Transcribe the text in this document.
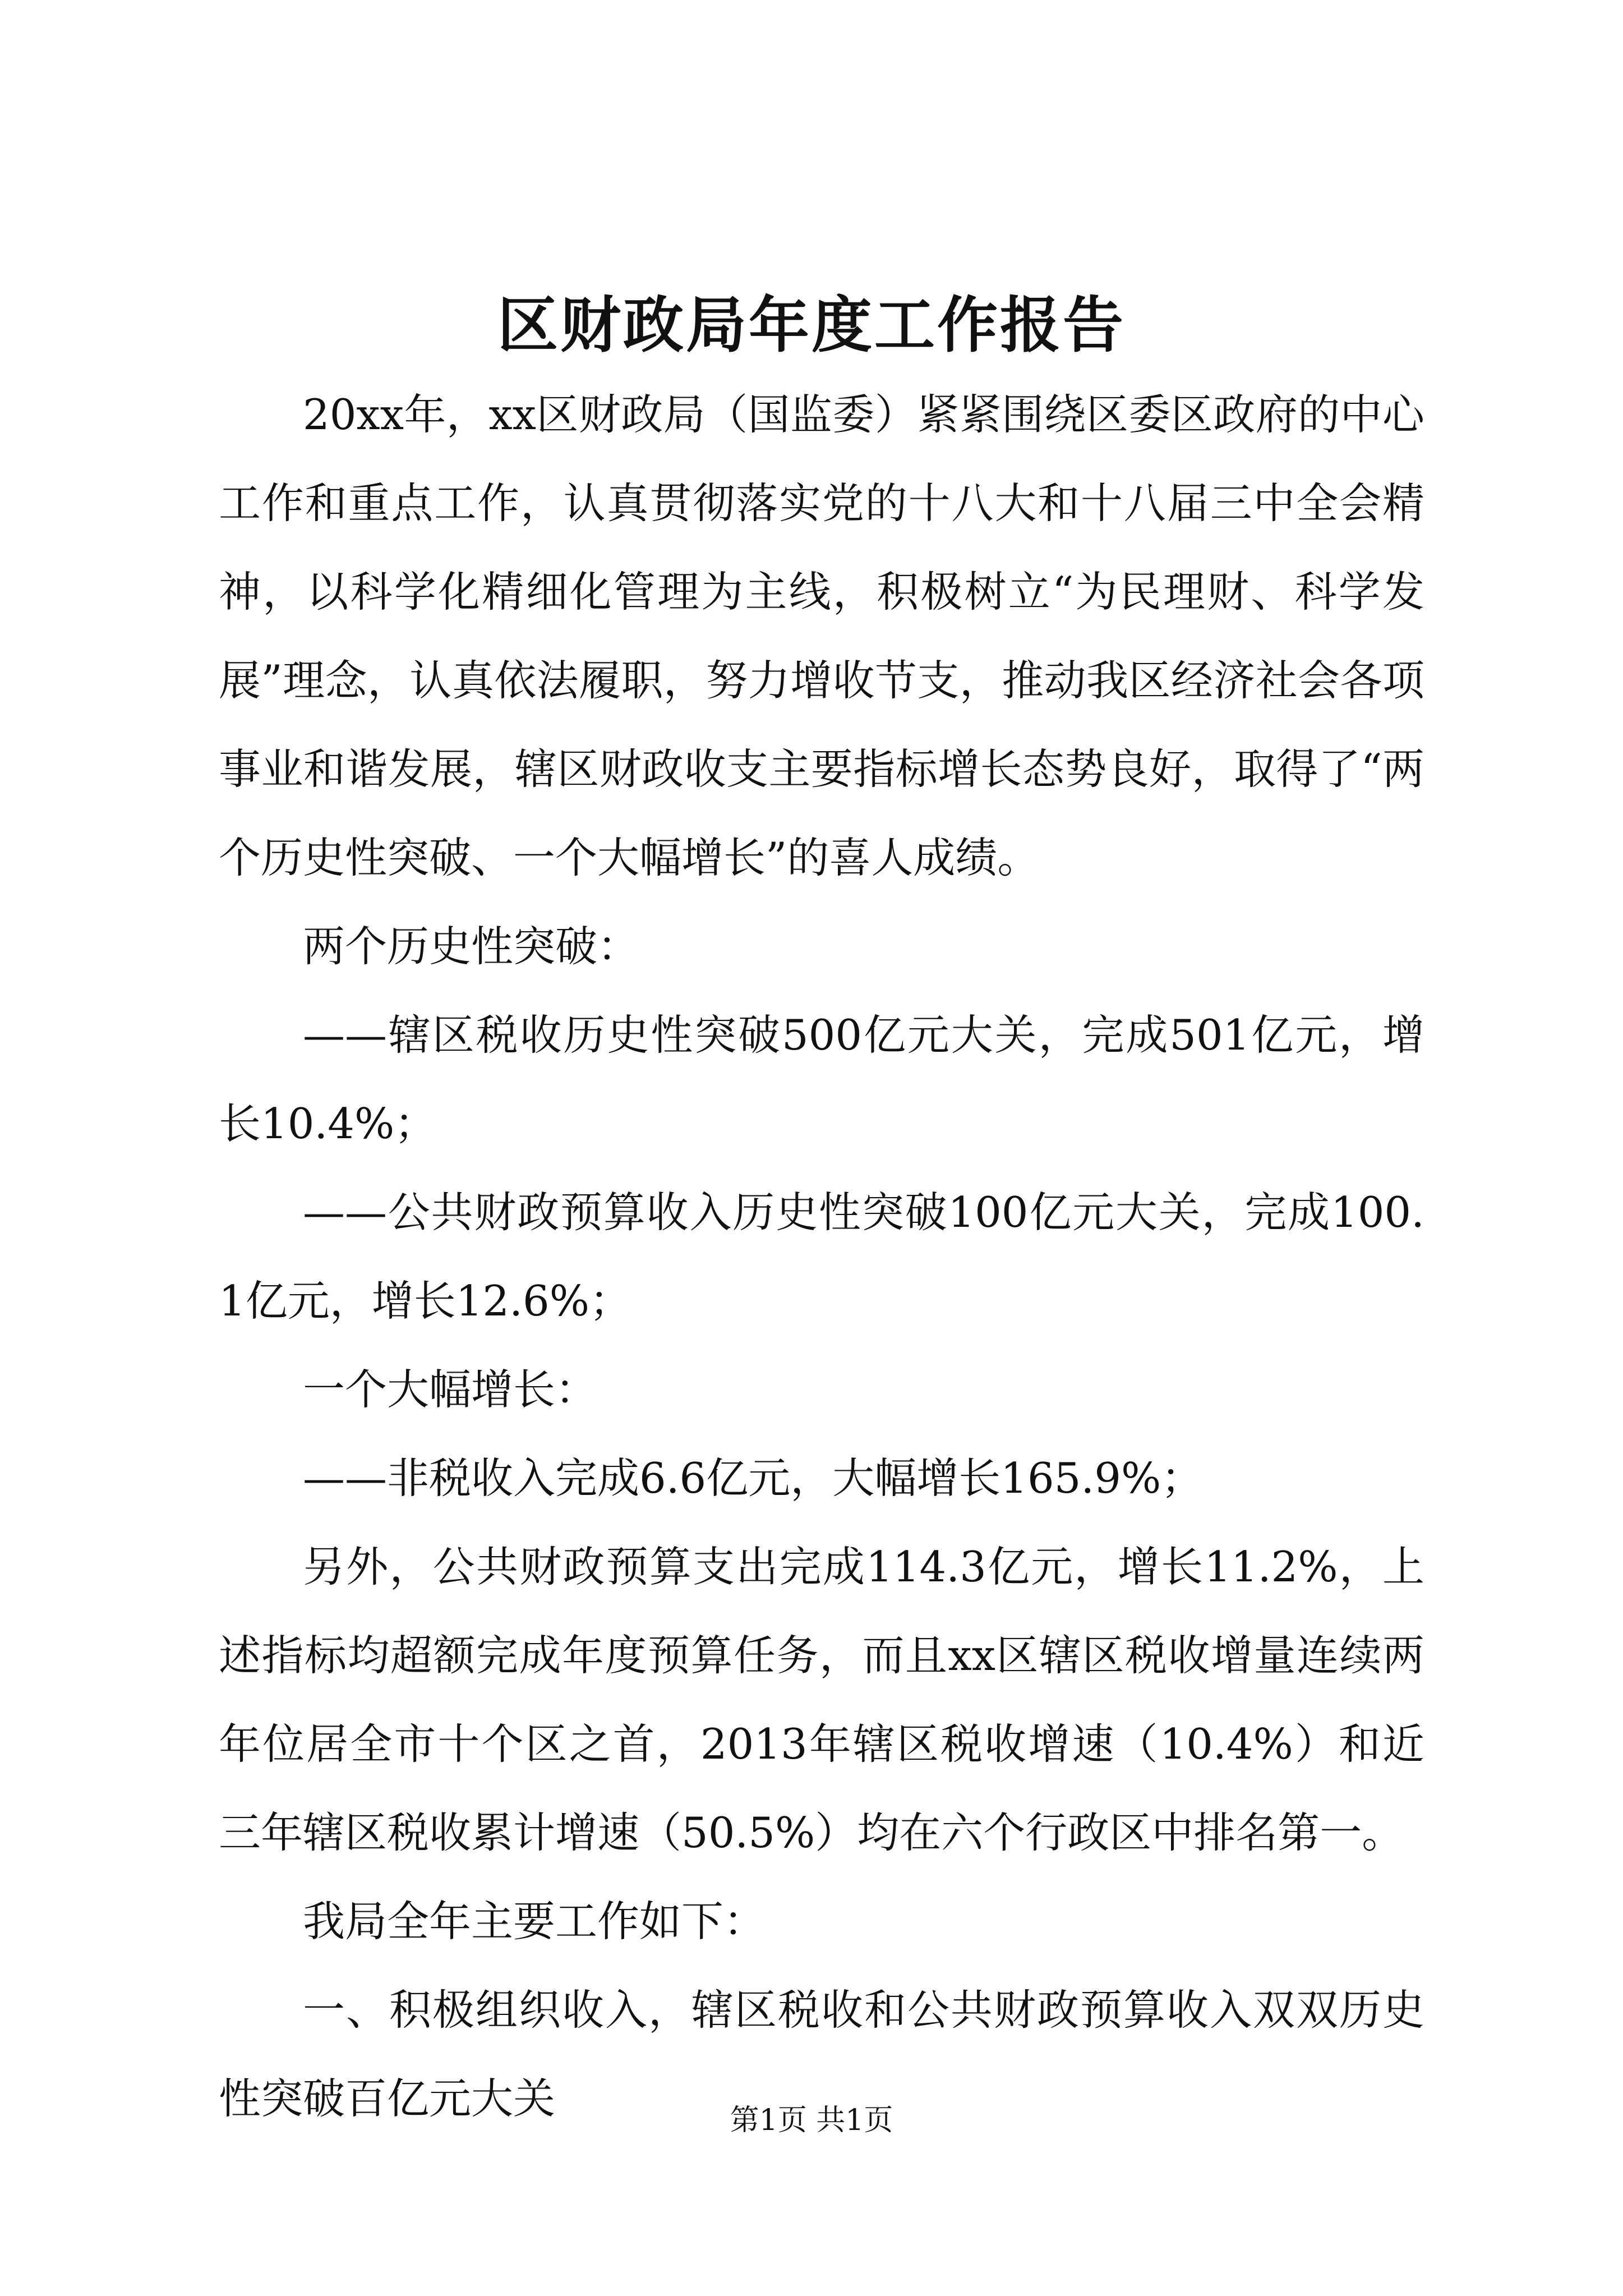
区财政局年度工作报告

20xx年，xx区财政局（国监委）紧紧围绕区委区政府的中心工作和重点工作，认真贯彻落实党的十八大和十八届三中全会精神，以科学化精细化管理为主线，积极树立“为民理财、科学发展”理念，认真依法履职，努力增收节支，推动我区经济社会各项事业和谐发展，辖区财政收支主要指标增长态势良好，取得了“两个历史性突破、一个大幅增长”的喜人成绩。

两个历史性突破：

——辖区税收历史性突破500亿元大关，完成501亿元，增长10.4%；

——公共财政预算收入历史性突破100亿元大关，完成100.1亿元，增长12.6%；

一个大幅增长：

——非税收入完成6.6亿元，大幅增长165.9%；

另外，公共财政预算支出完成114.3亿元，增长11.2%，上述指标均超额完成年度预算任务，而且xx区辖区税收增量连续两年位居全市十个区之首，2013年辖区税收增速（10.4%）和近三年辖区税收累计增速（50.5%）均在六个行政区中排名第一。

我局全年主要工作如下：

一、积极组织收入，辖区税收和公共财政预算收入双双历史性突破百亿元大关	第1页 共1页
